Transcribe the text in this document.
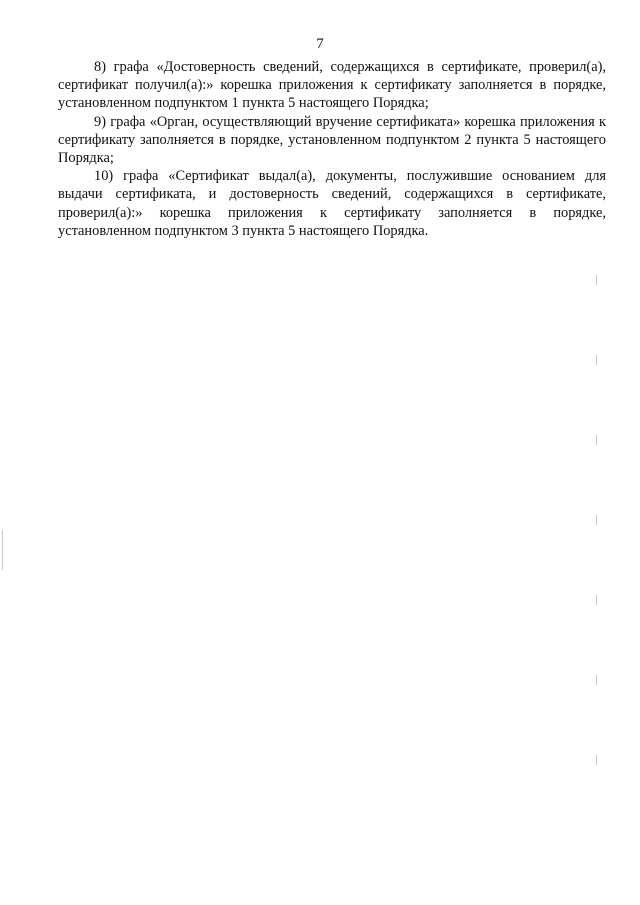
7

8) графа «Достоверность сведений, содержащихся в сертификате, проверил(а), сертификат получил(а):» корешка приложения к сертификату заполняется в порядке, установленном подпунктом 1 пункта 5 настоящего Порядка;

9) графа «Орган, осуществляющий вручение сертификата» корешка приложения к сертификату заполняется в порядке, установленном подпунктом 2 пункта 5 настоящего Порядка;

10) графа «Сертификат выдал(а), документы, послужившие основанием для выдачи сертификата, и достоверность сведений, содержащихся в сертификате, проверил(а):» корешка приложения к сертификату заполняется в порядке, установленном подпунктом 3 пункта 5 настоящего Порядка.
